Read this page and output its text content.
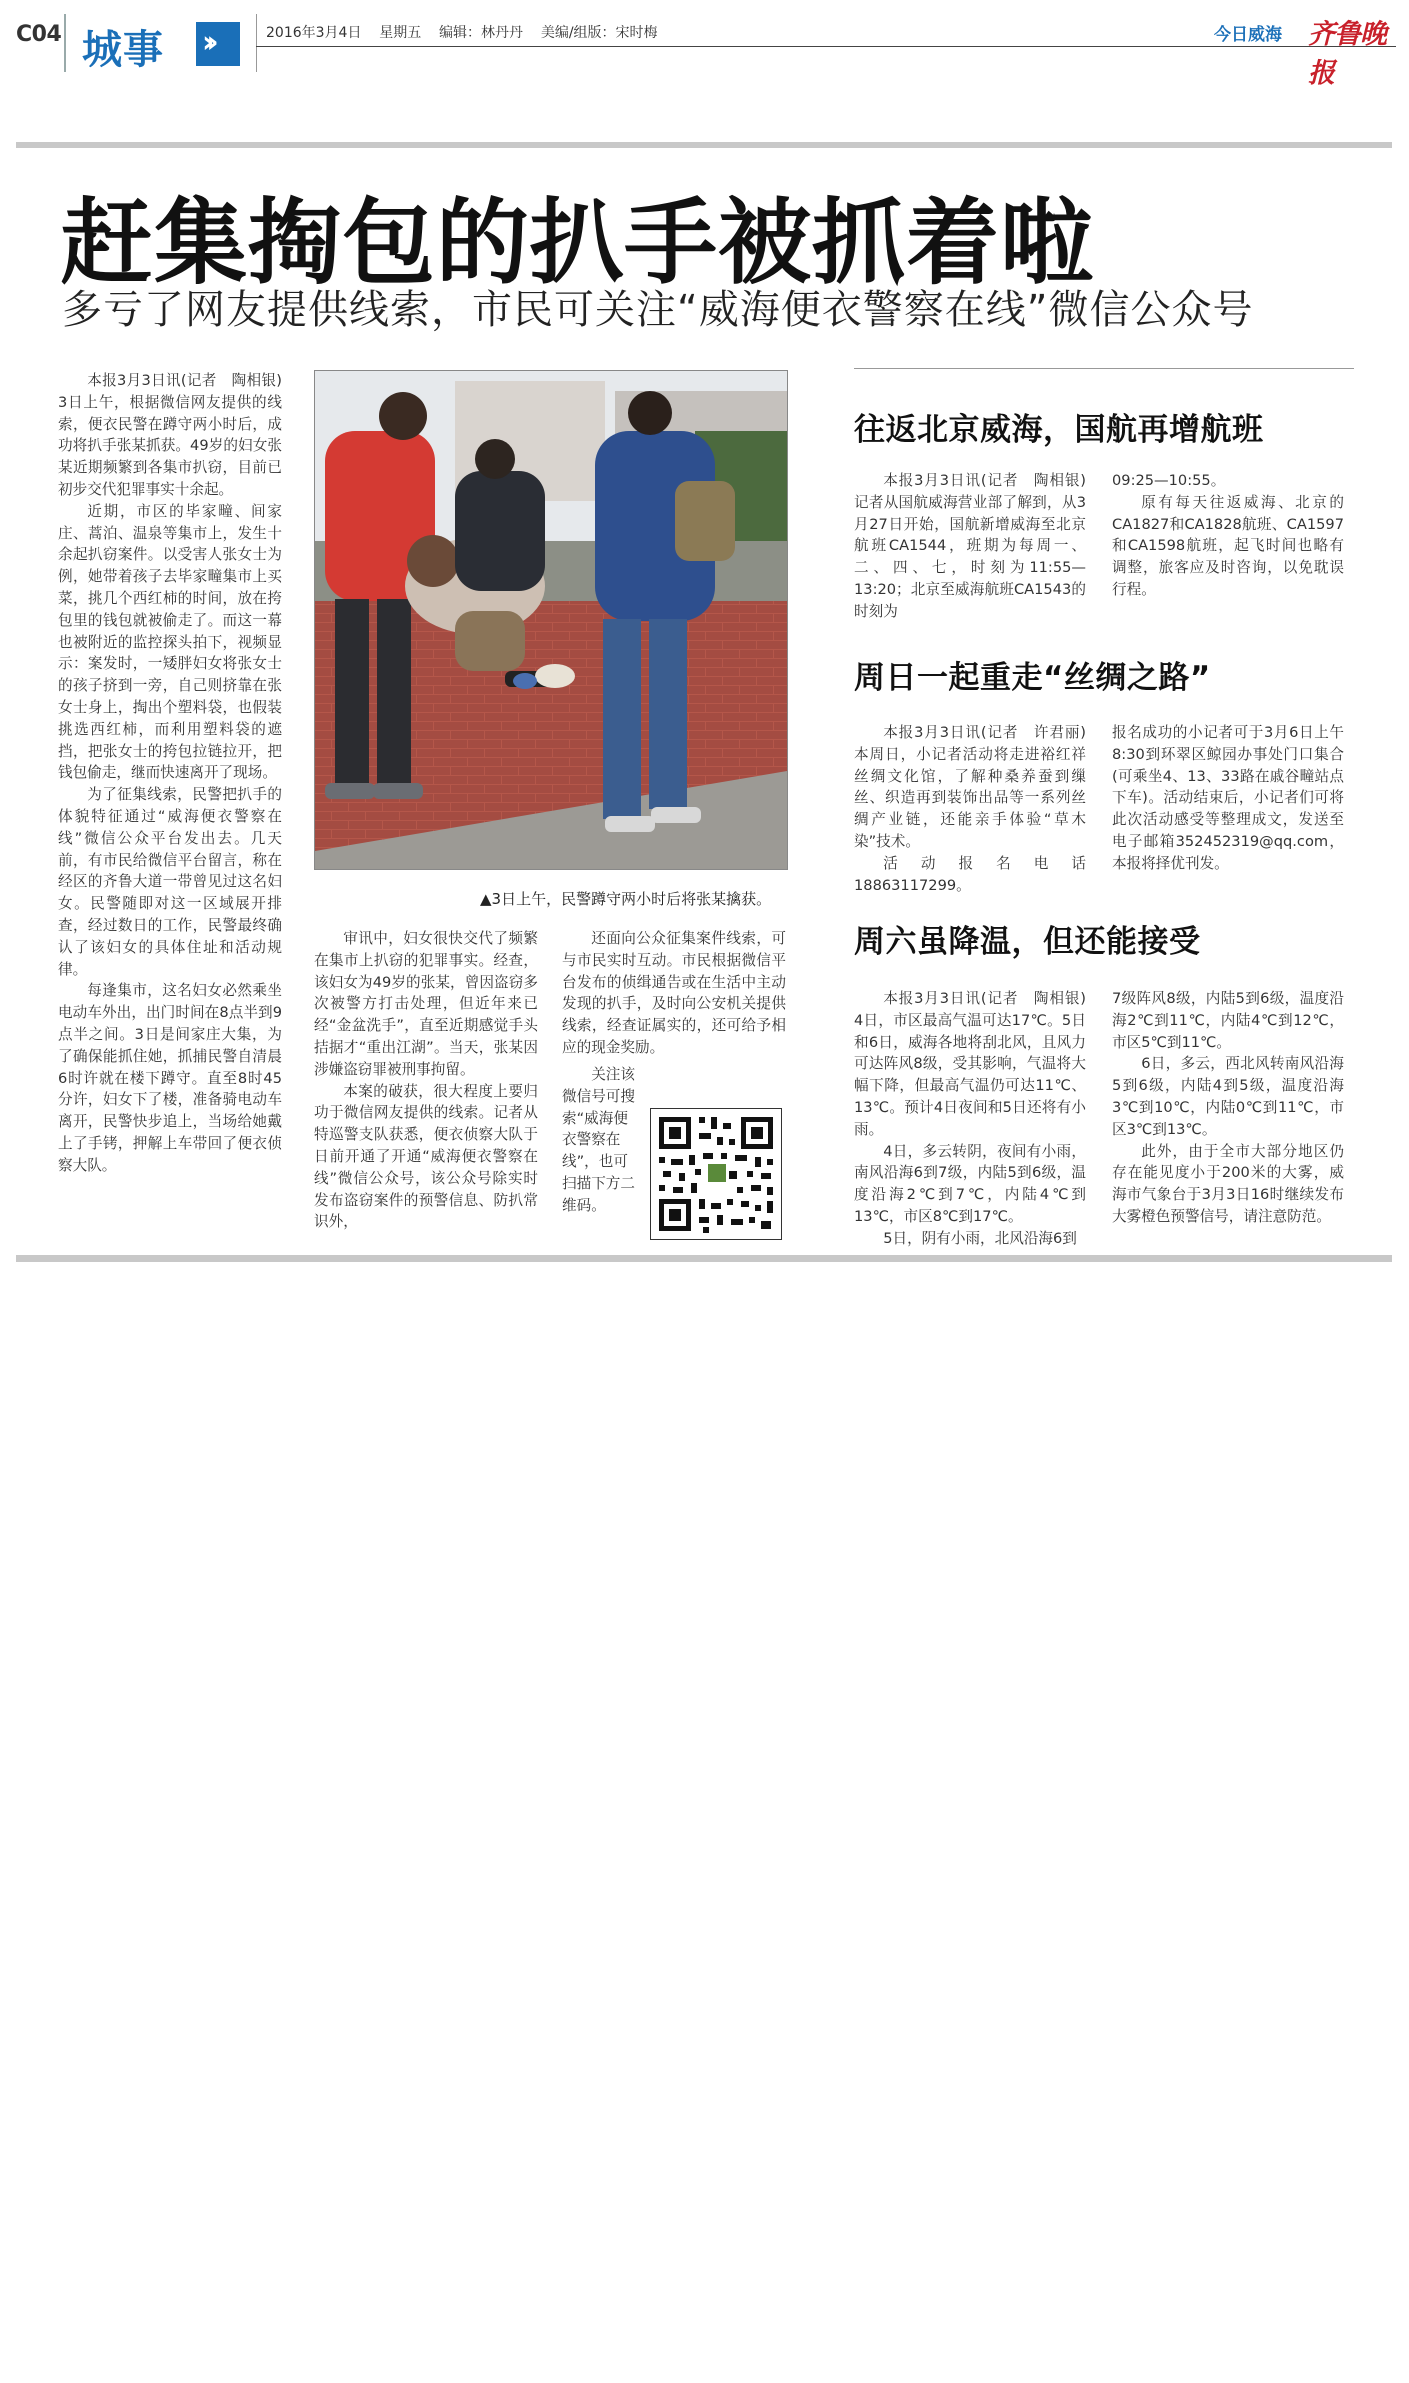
C04 城事 ››	2016年3月4日    星期五    编辑：林丹丹    美编/组版：宋时梅	今日威海 齐鲁晚报
赶集掏包的扒手被抓着啦
多亏了网友提供线索，市民可关注“威海便衣警察在线”微信公众号

本报3月3日讯(记者　陶相银)　3日上午，根据微信网友提供的线索，便衣民警在蹲守两小时后，成功将扒手张某抓获。49岁的妇女张某近期频繁到各集市扒窃，目前已初步交代犯罪事实十余起。

近期，市区的毕家疃、间家庄、蒿泊、温泉等集市上，发生十余起扒窃案件。以受害人张女士为例，她带着孩子去毕家疃集市上买菜，挑几个西红柿的时间，放在挎包里的钱包就被偷走了。而这一幕也被附近的监控探头拍下，视频显示：案发时，一矮胖妇女将张女士的孩子挤到一旁，自己则挤靠在张女士身上，掏出个塑料袋，也假装挑选西红柿，而利用塑料袋的遮挡，把张女士的挎包拉链拉开，把钱包偷走，继而快速离开了现场。

为了征集线索，民警把扒手的体貌特征通过“威海便衣警察在线”微信公众平台发出去。几天前，有市民给微信平台留言，称在经区的齐鲁大道一带曾见过这名妇女。民警随即对这一区域展开排查，经过数日的工作，民警最终确认了该妇女的具体住址和活动规律。

每逢集市，这名妇女必然乘坐电动车外出，出门时间在8点半到9点半之间。3日是间家庄大集，为了确保能抓住她，抓捕民警自清晨6时许就在楼下蹲守。直至8时45分许，妇女下了楼，准备骑电动车离开，民警快步追上，当场给她戴上了手铐，押解上车带回了便衣侦察大队。

▲3日上午，民警蹲守两小时后将张某擒获。

审讯中，妇女很快交代了频繁在集市上扒窃的犯罪事实。经查，该妇女为49岁的张某，曾因盗窃多次被警方打击处理，但近年来已经“金盆洗手”，直至近期感觉手头拮据才“重出江湖”。当天，张某因涉嫌盗窃罪被刑事拘留。

本案的破获，很大程度上要归功于微信网友提供的线索。记者从特巡警支队获悉，便衣侦察大队于日前开通了开通“威海便衣警察在线”微信公众号，该公众号除实时发布盗窃案件的预警信息、防扒常识外，

还面向公众征集案件线索，可与市民实时互动。市民根据微信平台发布的侦缉通告或在生活中主动发现的扒手，及时向公安机关提供线索，经查证属实的，还可给予相应的现金奖励。

关注该微信号可搜索“威海便衣警察在线”，也可扫描下方二维码。

往返北京威海，国航再增航班

本报3月3日讯(记者　陶相银)　记者从国航威海营业部了解到，从3月27日开始，国航新增威海至北京航班CA1544，班期为每周一、二、四、七，时刻为11:55—13:20；北京至威海航班CA1543的时刻为

09:25—10:55。

原有每天往返威海、北京的CA1827和CA1828航班、CA1597和CA1598航班，起飞时间也略有调整，旅客应及时咨询，以免耽误行程。

周日一起重走“丝绸之路”

本报3月3日讯(记者　许君丽)　本周日，小记者活动将走进裕红祥丝绸文化馆，了解种桑养蚕到缫丝、织造再到装饰出品等一系列丝绸产业链，还能亲手体验“草木染”技术。

活动报名电话18863117299。

报名成功的小记者可于3月6日上午8:30到环翠区鲸园办事处门口集合(可乘坐4、13、33路在戚谷疃站点下车)。活动结束后，小记者们可将此次活动感受等整理成文，发送至电子邮箱352452319@qq.com，本报将择优刊发。

周六虽降温，但还能接受

本报3月3日讯(记者　陶相银)　4日，市区最高气温可达17℃。5日和6日，威海各地将刮北风，且风力可达阵风8级，受其影响，气温将大幅下降，但最高气温仍可达11℃、13℃。预计4日夜间和5日还将有小雨。

4日，多云转阴，夜间有小雨，南风沿海6到7级，内陆5到6级，温度沿海2℃到7℃，内陆4℃到13℃，市区8℃到17℃。

5日，阴有小雨，北风沿海6到

7级阵风8级，内陆5到6级，温度沿海2℃到11℃，内陆4℃到12℃，市区5℃到11℃。

6日，多云，西北风转南风沿海5到6级，内陆4到5级，温度沿海3℃到10℃，内陆0℃到11℃，市区3℃到13℃。

此外，由于全市大部分地区仍存在能见度小于200米的大雾，威海市气象台于3月3日16时继续发布大雾橙色预警信号，请注意防范。
